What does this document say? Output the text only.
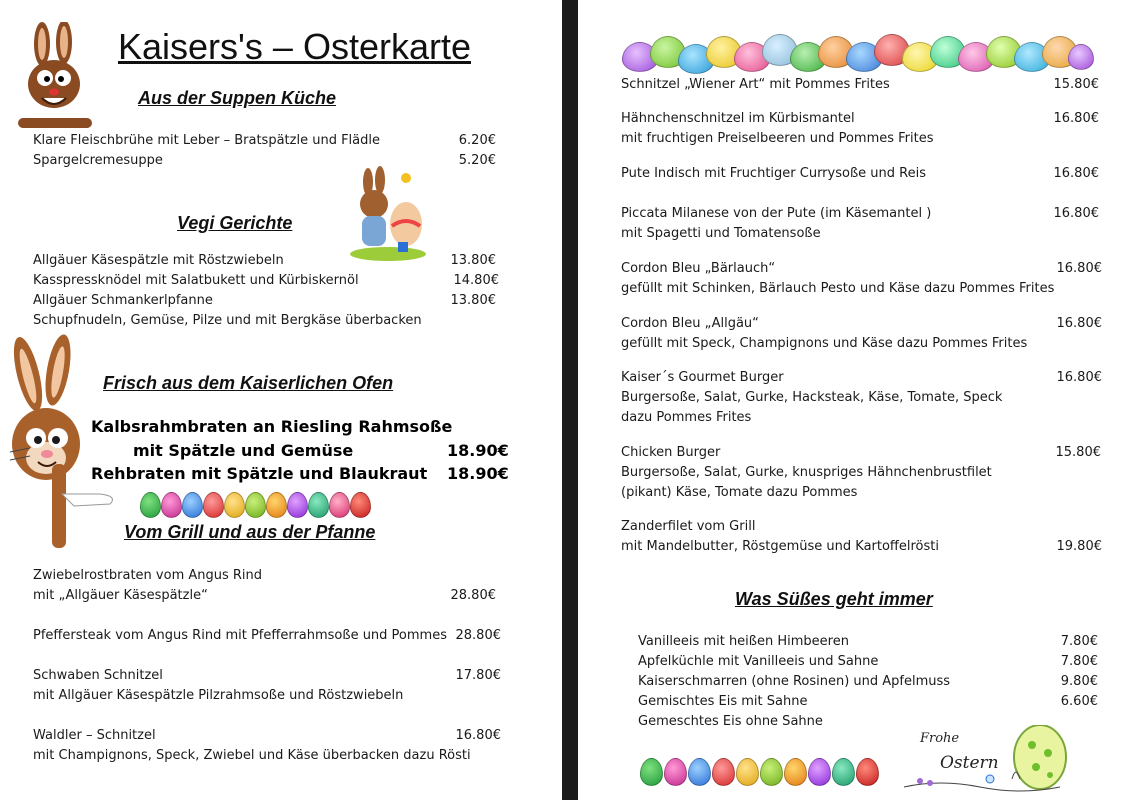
Kaisers's – Osterkarte
Aus der Suppen Küche
Klare Fleischbrühe mit Leber – Bratspätzle und Flädle	6.20€
Spargelcremesuppe	5.20€
Vegi Gerichte
Allgäuer Käsespätzle mit Röstzwiebeln	13.80€
Kasspressknödel mit Salatbukett und Kürbiskernöl	14.80€
Allgäuer Schmankerlpfanne	13.80€
Schupfnudeln, Gemüse, Pilze und mit Bergkäse überbacken
Frisch aus dem Kaiserlichen Ofen
Kalbsrahmbraten an Riesling Rahmsoße
mit Spätzle und Gemüse	18.90€
Rehbraten mit Spätzle und Blaukraut 18.90€
Vom Grill und aus der Pfanne
Zwiebelrostbraten vom Angus Rind
mit „Allgäuer Käsespätzle“	28.80€
Pfeffersteak vom Angus Rind mit Pfefferrahmsoße und Pommes 28.80€
Schwaben Schnitzel	17.80€
mit Allgäuer Käsespätzle Pilzrahmsoße und Röstzwiebeln
Waldler – Schnitzel	16.80€
mit Champignons, Speck, Zwiebel und Käse überbacken dazu Rösti
Schnitzel „Wiener Art“ mit Pommes Frites	15.80€
Hähnchenschnitzel im Kürbismantel	16.80€
mit fruchtigen Preiselbeeren und Pommes Frites
Pute Indisch mit Fruchtiger Currysoße und Reis	16.80€
Piccata Milanese von der Pute (im Käsemantel )	16.80€
mit Spagetti und Tomatensoße
Cordon Bleu „Bärlauch“	16.80€
gefüllt mit Schinken, Bärlauch Pesto und Käse dazu Pommes Frites
Cordon Bleu „Allgäu“	16.80€
gefüllt mit Speck, Champignons und Käse dazu Pommes Frites
Kaiser´s Gourmet Burger	16.80€
Burgersoße, Salat, Gurke, Hacksteak, Käse, Tomate, Speck
dazu Pommes Frites
Chicken Burger	15.80€
Burgersoße, Salat, Gurke, knuspriges Hähnchenbrustfilet
(pikant) Käse, Tomate dazu Pommes
Zanderfilet vom Grill
mit Mandelbutter, Röstgemüse und Kartoffelrösti	19.80€
Was Süßes geht immer
Vanilleeis mit heißen Himbeeren	7.80€
Apfelküchle mit Vanilleeis und Sahne	7.80€
Kaiserschmarren (ohne Rosinen) und Apfelmuss	9.80€
Gemischtes Eis mit Sahne	6.60€
Gemeschtes Eis ohne Sahne
Frohe
Ostern
